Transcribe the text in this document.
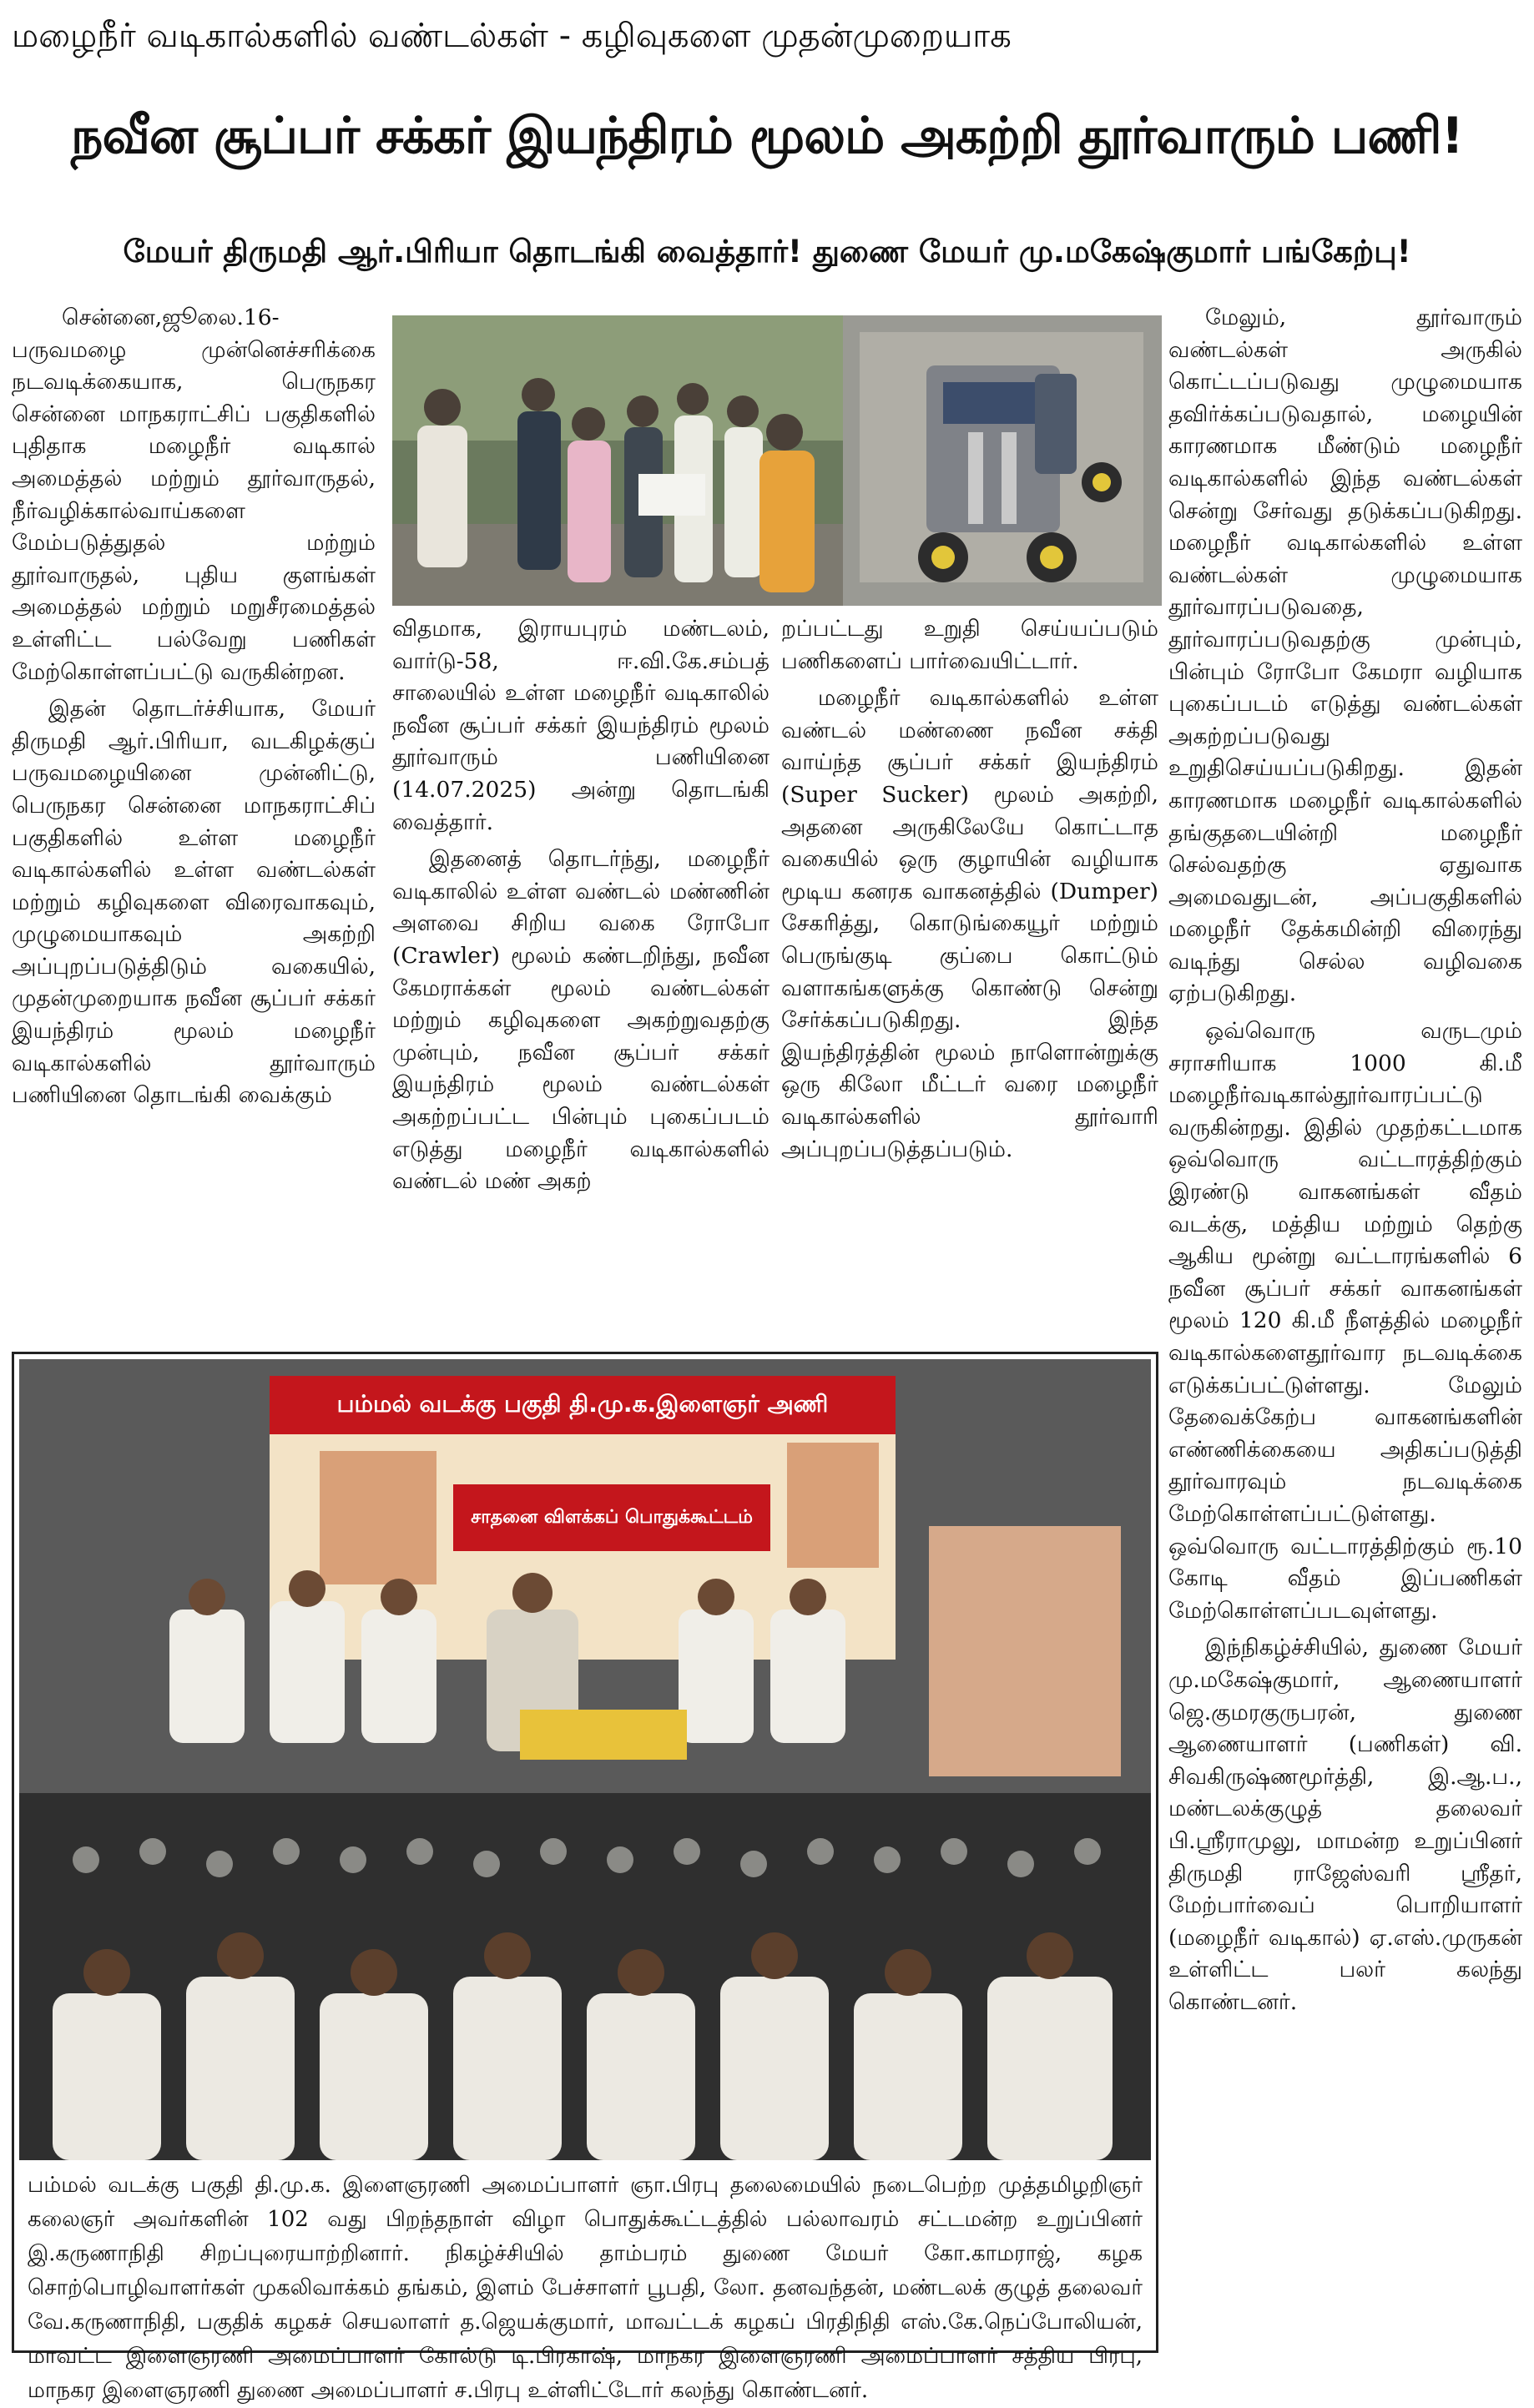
மழைநீர் வடிகால்களில் வண்டல்கள் - கழிவுகளை முதன்முறையாக
நவீன சூப்பர் சக்கர் இயந்திரம் மூலம் அகற்றி தூர்வாரும் பணி!
மேயர் திருமதி ஆர்.பிரியா தொடங்கி வைத்தார்! துணை மேயர் மு.மகேஷ்குமார் பங்கேற்பு!

சென்னை,ஜூலை.16-
பருவமழை முன்னெச்சரிக்கை நடவடிக்கையாக, பெருநகர சென்னை மாநகராட்சிப் பகுதிகளில் புதிதாக மழைநீர் வடிகால் அமைத்தல் மற்றும் தூர்வாருதல், நீர்வழிக்கால்வாய்களை மேம்படுத்துதல் மற்றும் தூர்வாருதல், புதிய குளங்கள் அமைத்தல் மற்றும் மறுசீரமைத்தல் உள்ளிட்ட பல்வேறு பணிகள் மேற்கொள்ளப்பட்டு வருகின்றன.

இதன் தொடர்ச்சியாக, மேயர் திருமதி ஆர்.பிரியா, வடகிழக்குப் பருவமழையினை முன்னிட்டு, பெருநகர சென்னை மாநகராட்சிப் பகுதிகளில் உள்ள மழைநீர் வடிகால்களில் உள்ள வண்டல்கள் மற்றும் கழிவுகளை விரைவாகவும், முழுமையாகவும் அகற்றி அப்புறப்படுத்திடும் வகையில், முதன்முறையாக நவீன சூப்பர் சக்கர் இயந்திரம் மூலம் மழைநீர் வடிகால்களில் தூர்வாரும் பணியினை தொடங்கி வைக்கும்

விதமாக, இராயபுரம் மண்டலம், வார்டு-58, ஈ.வி.கே.சம்பத் சாலையில் உள்ள மழைநீர் வடிகாலில் நவீன சூப்பர் சக்கர் இயந்திரம் மூலம் தூர்வாரும் பணியினை (14.07.2025) அன்று தொடங்கி வைத்தார்.

இதனைத் தொடர்ந்து, மழைநீர் வடிகாலில் உள்ள வண்டல் மண்ணின் அளவை சிறிய வகை ரோபோ (Crawler) மூலம் கண்டறிந்து, நவீன கேமராக்கள் மூலம் வண்டல்கள் மற்றும் கழிவுகளை அகற்றுவதற்கு முன்பும், நவீன சூப்பர் சக்கர் இயந்திரம் மூலம் வண்டல்கள் அகற்றப்பட்ட பின்பும் புகைப்படம் எடுத்து மழைநீர் வடிகால்களில் வண்டல் மண் அகற்

றப்பட்டது உறுதி செய்யப்படும் பணிகளைப் பார்வையிட்டார்.

மழைநீர் வடிகால்களில் உள்ள வண்டல் மண்ணை நவீன சக்தி வாய்ந்த சூப்பர் சக்கர் இயந்திரம் (Super Sucker) மூலம் அகற்றி, அதனை அருகிலேயே கொட்டாத வகையில் ஒரு குழாயின் வழியாக மூடிய கனரக வாகனத்தில் (Dumper) சேகரித்து, கொடுங்கையூர் மற்றும் பெருங்குடி குப்பை கொட்டும் வளாகங்களுக்கு கொண்டு சென்று சேர்க்கப்படுகிறது. இந்த இயந்திரத்தின் மூலம் நாளொன்றுக்கு ஒரு கிலோ மீட்டர் வரை மழைநீர் வடிகால்களில் தூர்வாரி அப்புறப்படுத்தப்படும்.

மேலும், தூர்வாரும் வண்டல்கள் அருகில் கொட்டப்படுவது முழுமையாக தவிர்க்கப்படுவதால், மழையின் காரணமாக மீண்டும் மழைநீர் வடிகால்களில் இந்த வண்டல்கள் சென்று சேர்வது தடுக்கப்படுகிறது. மழைநீர் வடிகால்களில் உள்ள வண்டல்கள் முழுமையாக தூர்வாரப்படுவதை, தூர்வாரப்படுவதற்கு முன்பும், பின்பும் ரோபோ கேமரா வழியாக புகைப்படம் எடுத்து வண்டல்கள் அகற்றப்படுவது உறுதிசெய்யப்படுகிறது. இதன் காரணமாக மழைநீர் வடிகால்களில் தங்குதடையின்றி மழைநீர் செல்வதற்கு ஏதுவாக அமைவதுடன், அப்பகுதிகளில் மழைநீர் தேக்கமின்றி விரைந்து வடிந்து செல்ல வழிவகை ஏற்படுகிறது.

ஒவ்வொரு வருடமும் சராசரியாக 1000 கி.மீ மழைநீர்வடிகால்தூர்வாரப்பட்டு வருகின்றது. இதில் முதற்கட்டமாக ஒவ்வொரு வட்டாரத்திற்கும் இரண்டு வாகனங்கள் வீதம் வடக்கு, மத்திய மற்றும் தெற்கு ஆகிய மூன்று வட்டாரங்களில் 6 நவீன சூப்பர் சக்கர் வாகனங்கள் மூலம் 120 கி.மீ நீளத்தில் மழைநீர் வடிகால்களைதூர்வார நடவடிக்கை எடுக்கப்பட்டுள்ளது. மேலும் தேவைக்கேற்ப வாகனங்களின் எண்ணிக்கையை அதிகப்படுத்தி தூர்வாரவும் நடவடிக்கை மேற்கொள்ளப்பட்டுள்ளது. ஒவ்வொரு வட்டாரத்திற்கும் ரூ.10 கோடி வீதம் இப்பணிகள் மேற்கொள்ளப்படவுள்ளது.

இந்நிகழ்ச்சியில், துணை மேயர் மு.மகேஷ்குமார், ஆணையாளர் ஜெ.குமரகுருபரன், துணை ஆணையாளர் (பணிகள்) வி. சிவகிருஷ்ணமூர்த்தி, இ.ஆ.ப., மண்டலக்குழுத் தலைவர் பி.ஸ்ரீராமுலு, மாமன்ற உறுப்பினர் திருமதி ராஜேஸ்வரி ஸ்ரீதர், மேற்பார்வைப் பொறியாளர் (மழைநீர் வடிகால்) ஏ.எஸ்.முருகன் உள்ளிட்ட பலர் கலந்து கொண்டனர்.

பம்மல் வடக்கு பகுதி தி.மு.க.இளைஞர் அணி
சாதனை விளக்கப் பொதுக்கூட்டம்
பம்மல் வடக்கு பகுதி தி.மு.க. இளைஞரணி அமைப்பாளர் ஞா.பிரபு தலைமையில் நடைபெற்ற முத்தமிழறிஞர் கலைஞர் அவர்களின் 102 வது பிறந்தநாள் விழா பொதுக்கூட்டத்தில் பல்லாவரம் சட்டமன்ற உறுப்பினர் இ.கருணாநிதி சிறப்புரையாற்றினார். நிகழ்ச்சியில் தாம்பரம் துணை மேயர் கோ.காமராஜ், கழக சொற்பொழிவாளர்கள் முகலிவாக்கம் தங்கம், இளம் பேச்சாளர் பூபதி, லோ. தனவந்தன், மண்டலக் குழுத் தலைவர் வே.கருணாநிதி, பகுதிக் கழகச் செயலாளர் த.ஜெயக்குமார், மாவட்டக் கழகப் பிரதிநிதி எஸ்.கே.நெப்போலியன், மாவட்ட இளைஞரணி அமைப்பாளர் கோல்டு டி.பிரகாஷ், மாநகர இளைஞரணி அமைப்பாளர் சத்திய பிரபு, மாநகர இளைஞரணி துணை அமைப்பாளர் ச.பிரபு உள்ளிட்டோர் கலந்து கொண்டனர்.
